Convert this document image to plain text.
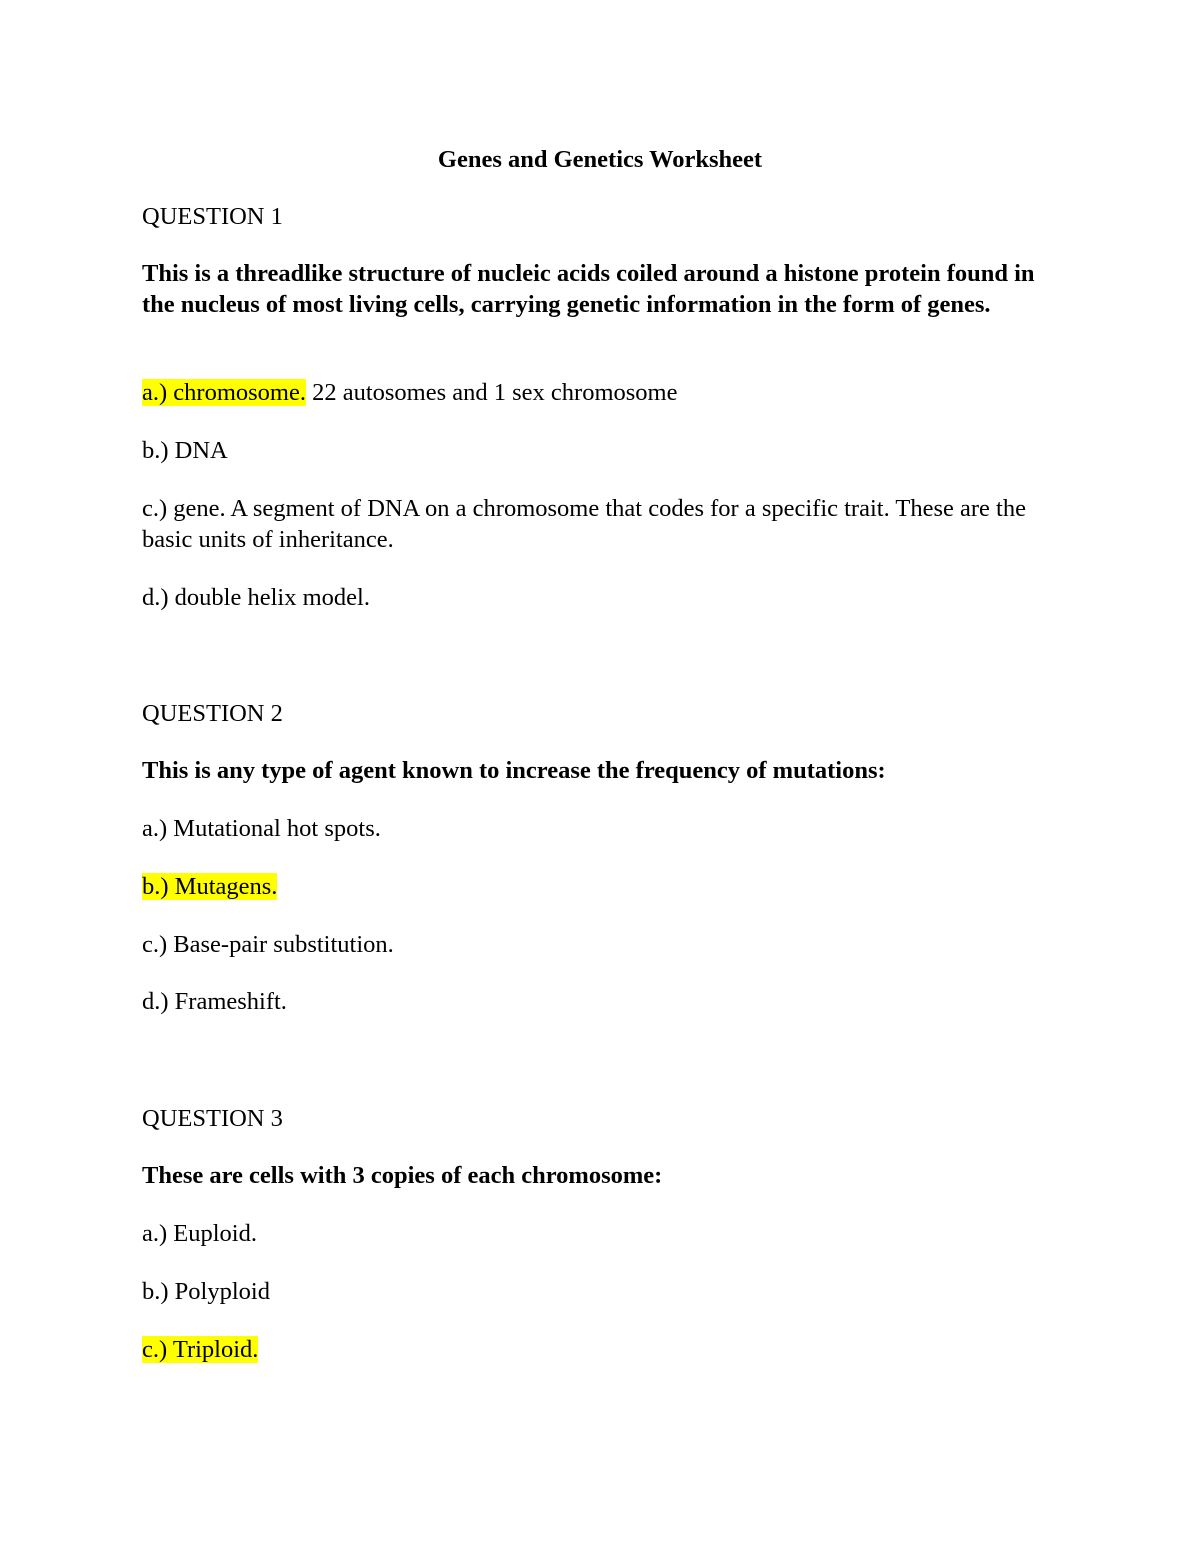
Genes and Genetics Worksheet

QUESTION 1

This is a threadlike structure of nucleic acids coiled around a histone protein found in the nucleus of most living cells, carrying genetic information in the form of genes.

a.) chromosome. 22 autosomes and 1 sex chromosome

b.) DNA

c.) gene. A segment of DNA on a chromosome that codes for a specific trait. These are the basic units of inheritance.

d.) double helix model.

QUESTION 2

This is any type of agent known to increase the frequency of mutations:

a.) Mutational hot spots.

b.) Mutagens.

c.) Base-pair substitution.

d.) Frameshift.

QUESTION 3

These are cells with 3 copies of each chromosome:

a.) Euploid.

b.) Polyploid

c.) Triploid.
